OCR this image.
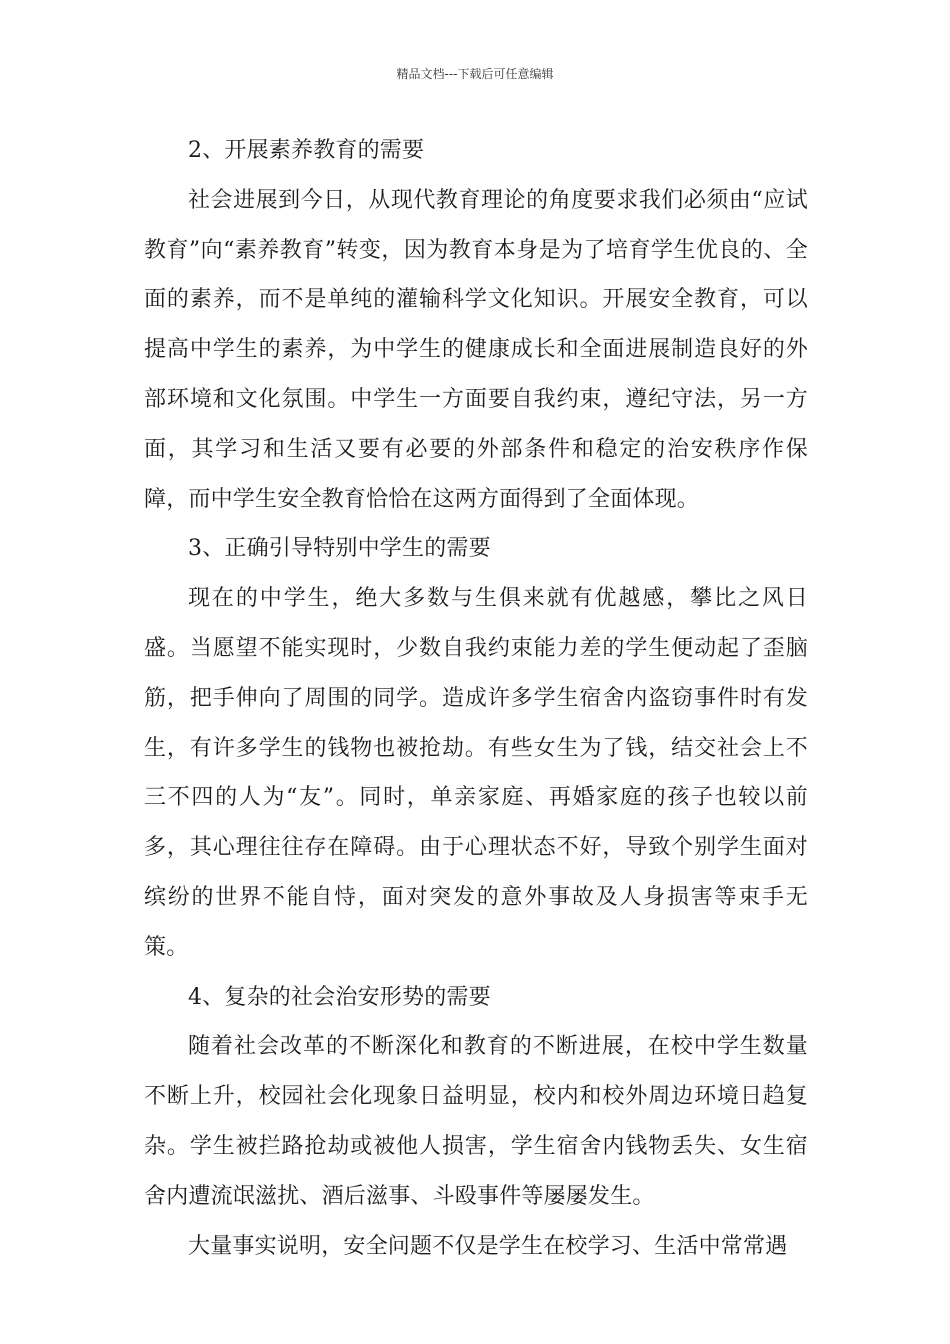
精品文档---下载后可任意编辑

2、开展素养教育的需要

社会进展到今日，从现代教育理论的角度要求我们必须由“应试教育”向“素养教育”转变，因为教育本身是为了培育学生优良的、全面的素养，而不是单纯的灌输科学文化知识。开展安全教育，可以提高中学生的素养，为中学生的健康成长和全面进展制造良好的外部环境和文化氛围。中学生一方面要自我约束，遵纪守法，另一方面，其学习和生活又要有必要的外部条件和稳定的治安秩序作保障，而中学生安全教育恰恰在这两方面得到了全面体现。

3、正确引导特别中学生的需要

现在的中学生，绝大多数与生俱来就有优越感，攀比之风日盛。当愿望不能实现时，少数自我约束能力差的学生便动起了歪脑筋，把手伸向了周围的同学。造成许多学生宿舍内盗窃事件时有发生，有许多学生的钱物也被抢劫。有些女生为了钱，结交社会上不三不四的人为“友”。同时，单亲家庭、再婚家庭的孩子也较以前多，其心理往往存在障碍。由于心理状态不好，导致个别学生面对缤纷的世界不能自恃，面对突发的意外事故及人身损害等束手无策。

4、复杂的社会治安形势的需要

随着社会改革的不断深化和教育的不断进展，在校中学生数量不断上升，校园社会化现象日益明显，校内和校外周边环境日趋复杂。学生被拦路抢劫或被他人损害，学生宿舍内钱物丢失、女生宿舍内遭流氓滋扰、酒后滋事、斗殴事件等屡屡发生。

大量事实说明，安全问题不仅是学生在校学习、生活中常常遇
